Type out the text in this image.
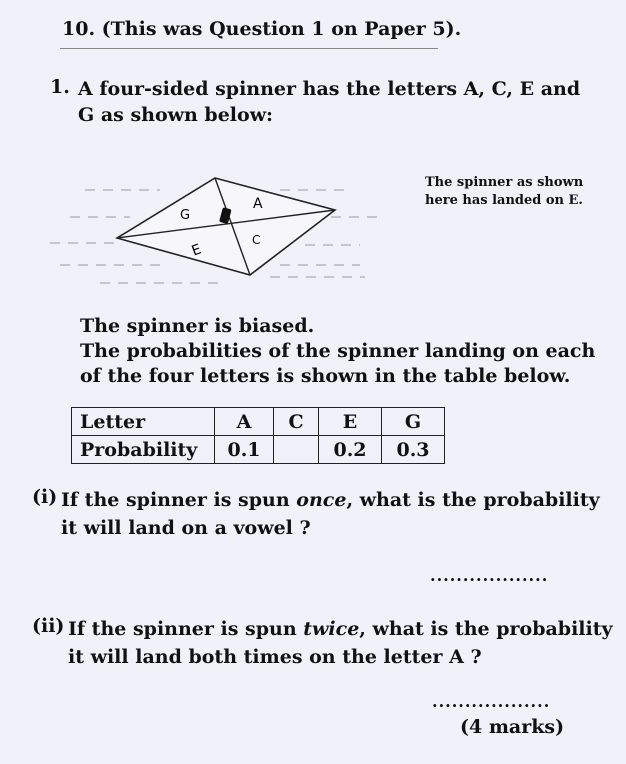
10. (This was Question 1 on Paper 5).
1. A four-sided spinner has the letters A, C, E and G as shown below:
A
C
E
G
The spinner as shown here has landed on E.
The spinner is biased.
The probabilities of the spinner landing on each of the four letters is shown in the table below.
Letter	A	C	E	G
Probability	0.1		0.2	0.3
(i) If the spinner is spun once, what is the probability it will land on a vowel ?
..................
(ii) If the spinner is spun twice, what is the probability it will land both times on the letter A ?
..................
(4 marks)
